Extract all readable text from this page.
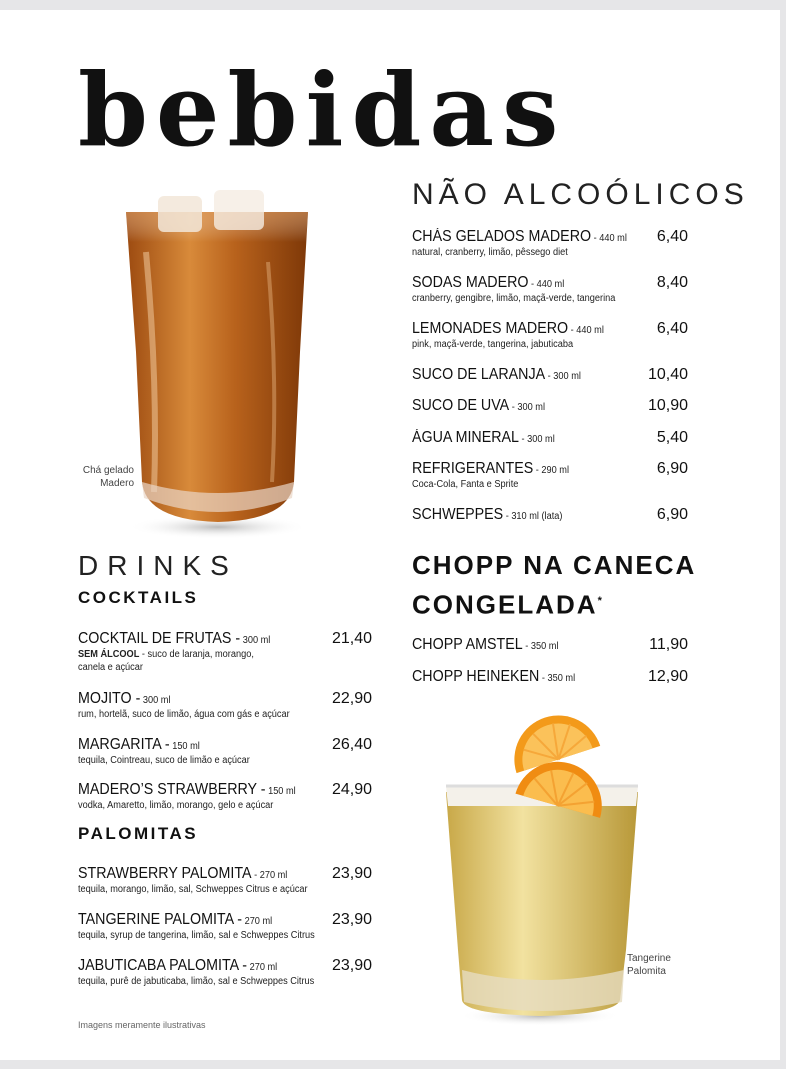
bebidas
Chá gelado
Madero
Tangerine
Palomita
NÃO ALCOÓLICOS
CHÁS GELADOS MADERO - 440 ml 6,40
natural, cranberry, limão, pêssego diet
SODAS MADERO - 440 ml	8,40
cranberry, gengibre, limão, maçã-verde, tangerina
LEMONADES MADERO - 440 ml	6,40
pink, maçã-verde, tangerina, jabuticaba
SUCO DE LARANJA - 300 ml	10,40
SUCO DE UVA - 300 ml	10,90
ÁGUA MINERAL - 300 ml	5,40
REFRIGERANTES - 290 ml	6,90
Coca-Cola, Fanta e Sprite
SCHWEPPES - 310 ml (lata)	6,90
CHOPP NA CANECA
CONGELADA*
CHOPP AMSTEL - 350 ml	11,90
CHOPP HEINEKEN - 350 ml	12,90
DRINKS
COCKTAILS
COCKTAIL DE FRUTAS - 300 ml	21,40
SEM ÁLCOOL - suco de laranja, morango,
canela e açúcar
MOJITO - 300 ml	22,90
rum, hortelã, suco de limão, água com gás e açúcar
MARGARITA - 150 ml	26,40
tequila, Cointreau, suco de limão e açúcar
MADERO’S STRAWBERRY - 150 ml 24,90
vodka, Amaretto, limão, morango, gelo e açúcar
PALOMITAS
STRAWBERRY PALOMITA - 270 ml	23,90
tequila, morango, limão, sal, Schweppes Citrus e açúcar
TANGERINE PALOMITA - 270 ml	23,90
tequila, syrup de tangerina, limão, sal e Schweppes Citrus
JABUTICABA PALOMITA - 270 ml	23,90
tequila, purê de jabuticaba, limão, sal e Schweppes Citrus
Imagens meramente ilustrativas
